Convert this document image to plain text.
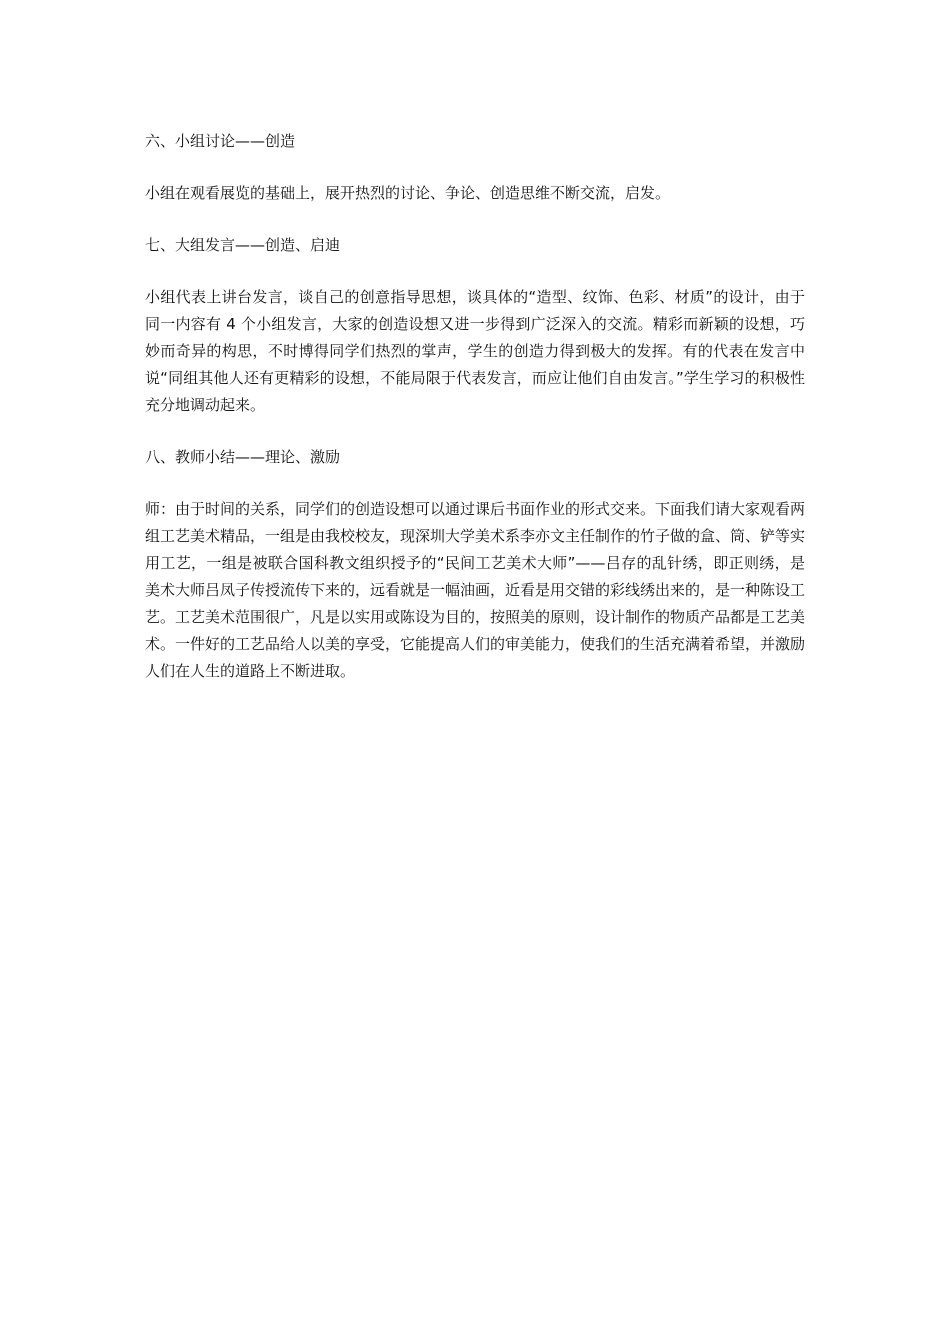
六、小组讨论——创造
小组在观看展览的基础上，展开热烈的讨论、争论、创造思维不断交流，启发。
七、大组发言——创造、启迪
小组代表上讲台发言，谈自己的创意指导思想，谈具体的“造型、纹饰、色彩、材质”的设计，由于同一内容有 4 个小组发言，大家的创造设想又进一步得到广泛深入的交流。精彩而新颖的设想，巧妙而奇异的构思，不时博得同学们热烈的掌声，学生的创造力得到极大的发挥。有的代表在发言中说“同组其他人还有更精彩的设想，不能局限于代表发言，而应让他们自由发言。”学生学习的积极性充分地调动起来。
八、教师小结——理论、激励
师：由于时间的关系，同学们的创造设想可以通过课后书面作业的形式交来。下面我们请大家观看两组工艺美术精品，一组是由我校校友，现深圳大学美术系李亦文主任制作的竹子做的盒、筒、铲等实用工艺，一组是被联合国科教文组织授予的“民间工艺美术大师”——吕存的乱针绣，即正则绣，是美术大师吕凤子传授流传下来的，远看就是一幅油画，近看是用交错的彩线绣出来的，是一种陈设工艺。工艺美术范围很广，凡是以实用或陈设为目的，按照美的原则，设计制作的物质产品都是工艺美术。一件好的工艺品给人以美的享受，它能提高人们的审美能力，使我们的生活充满着希望，并激励人们在人生的道路上不断进取。
